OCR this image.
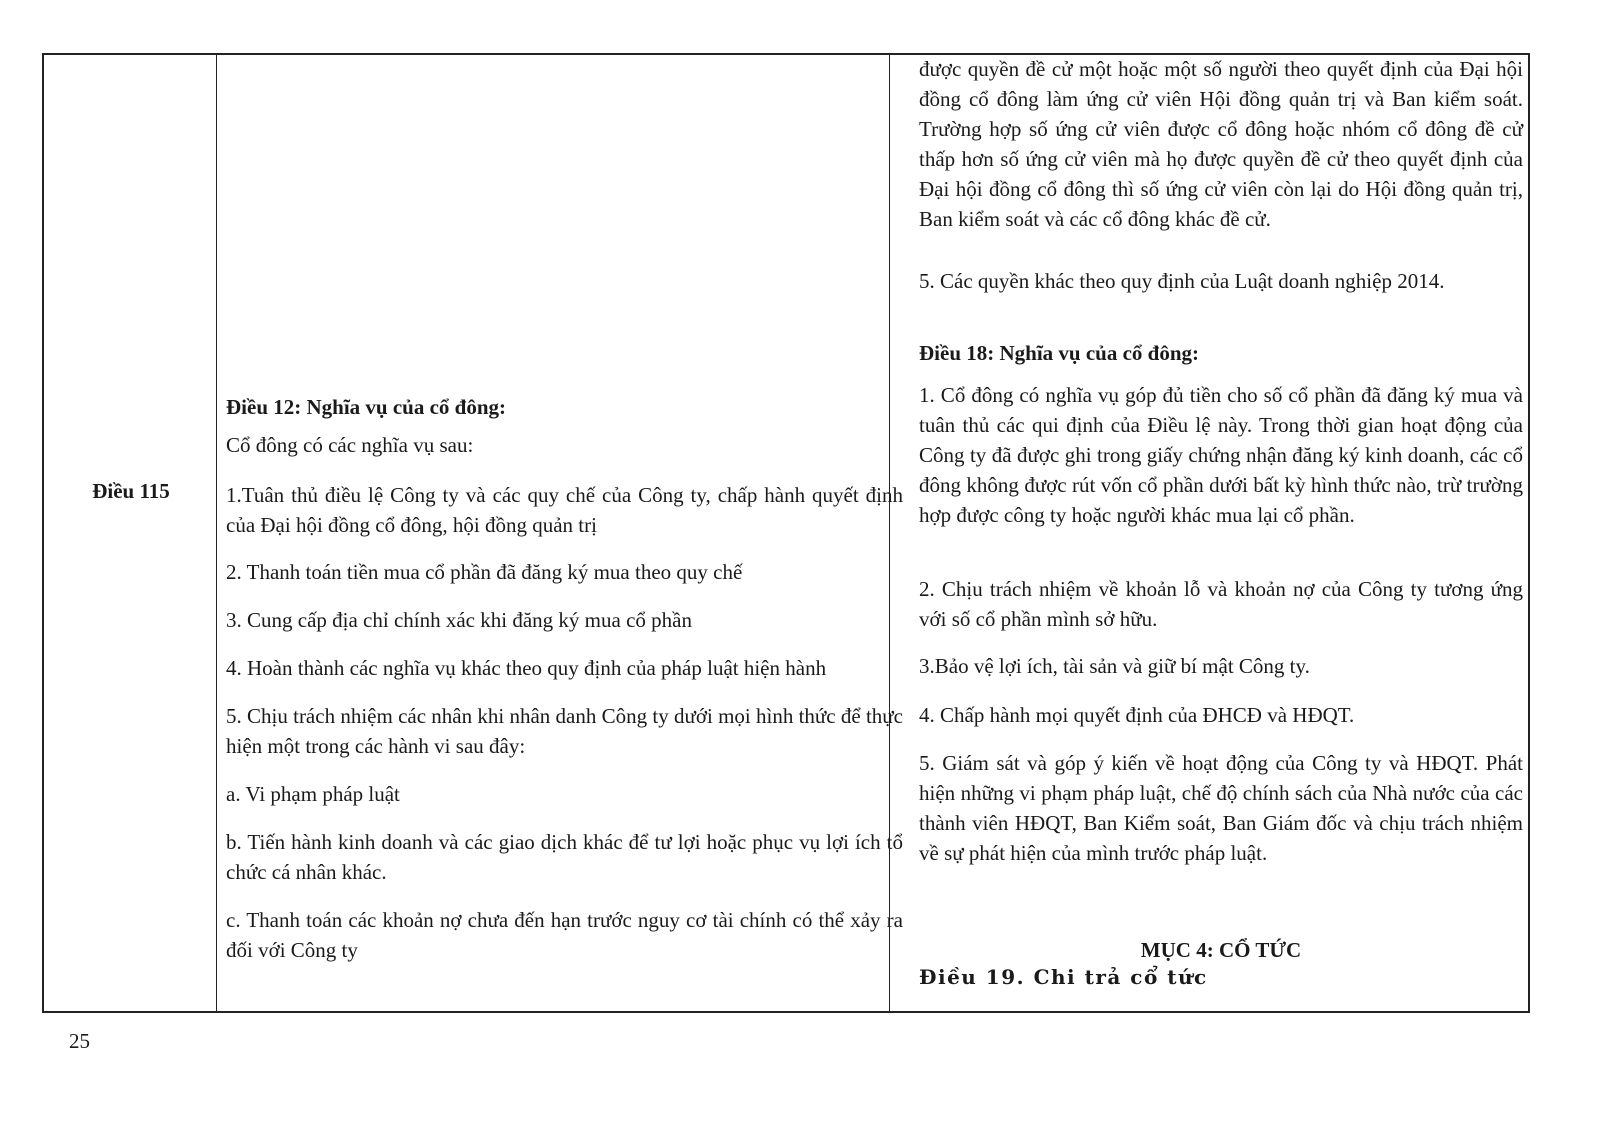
Điều 115
Điều 12: Nghĩa vụ của cổ đông:
Cổ đông có các nghĩa vụ sau:
1.Tuân thủ điều lệ Công ty và các quy chế của Công ty, chấp hành quyết định của Đại hội đồng cổ đông, hội đồng quản trị
2. Thanh toán tiền mua cổ phần đã đăng ký mua theo quy chế
3. Cung cấp địa chỉ chính xác khi đăng ký mua cổ phần
4. Hoàn thành các nghĩa vụ khác theo quy định của pháp luật hiện hành
5. Chịu trách nhiệm các nhân khi nhân danh Công ty dưới mọi hình thức để thực hiện một trong các hành vi sau đây:
a. Vi phạm pháp luật
b. Tiến hành kinh doanh và các giao dịch khác để tư lợi hoặc phục vụ lợi ích tổ chức cá nhân khác.
c. Thanh toán các khoản nợ chưa đến hạn trước nguy cơ tài chính có thể xảy ra đối với Công ty
được quyền đề cử một hoặc một số người theo quyết định của Đại hội đồng cổ đông làm ứng cử viên Hội đồng quản trị và Ban kiểm soát. Trường hợp số ứng cử viên được cổ đông hoặc nhóm cổ đông đề cử thấp hơn số ứng cử viên mà họ được quyền đề cử theo quyết định của Đại hội đồng cổ đông thì số ứng cử viên còn lại do Hội đồng quản trị, Ban kiểm soát và các cổ đông khác đề cử.
5. Các quyền khác theo quy định của Luật doanh nghiệp 2014.
Điều 18: Nghĩa vụ của cổ đông:
1. Cổ đông có nghĩa vụ góp đủ tiền cho số cổ phần đã đăng ký mua và tuân thủ các qui định của Điều lệ này. Trong thời gian hoạt động của Công ty đã được ghi trong giấy chứng nhận đăng ký kinh doanh, các cổ đông không được rút vốn cổ phần dưới bất kỳ hình thức nào, trừ trường hợp được công ty hoặc người khác mua lại cổ phần.
2. Chịu trách nhiệm về khoản lỗ và khoản nợ của Công ty tương ứng với số cổ phần mình sở hữu.
3.Bảo vệ lợi ích, tài sản và giữ bí mật Công ty.
4. Chấp hành mọi quyết định của ĐHCĐ và HĐQT.
5. Giám sát và góp ý kiến về hoạt động của Công ty và HĐQT. Phát hiện những vi phạm pháp luật, chế độ chính sách của Nhà nước của các thành viên HĐQT, Ban Kiểm soát, Ban Giám đốc và chịu trách nhiệm về sự phát hiện của mình trước pháp luật.
MỤC 4: CỔ TỨC
Điều 19. Chi trả cổ tức
25
